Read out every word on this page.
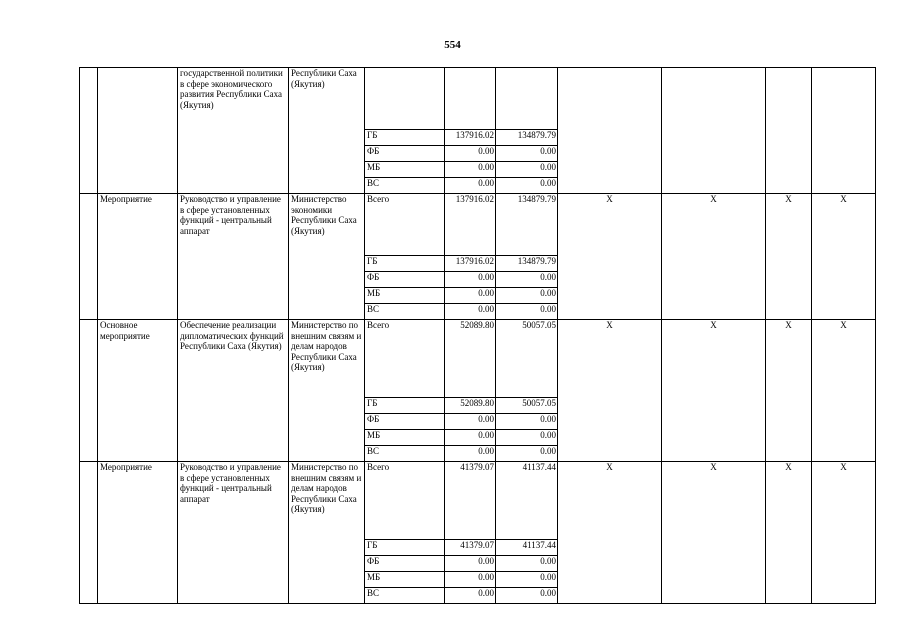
554
		государственной политики в сфере экономического развития Республики Саха (Якутия)	Республики Саха (Якутия)							
				ГБ	137916.02	134879.79				
				ФБ	0.00	0.00				
				МБ	0.00	0.00				
				ВС	0.00	0.00				
	Мероприятие	Руководство и управление в сфере установленных функций - центральный аппарат	Министерство экономики Республики Саха (Якутия)	Всего	137916.02	134879.79	Х	Х	Х	Х
				ГБ	137916.02	134879.79				
				ФБ	0.00	0.00				
				МБ	0.00	0.00				
				ВС	0.00	0.00				
	Основное мероприятие	Обеспечение реализации дипломатических функций Республики Саха (Якутия)	Министерство по внешним связям и делам народов Республики Саха (Якутия)	Всего	52089.80	50057.05	Х	Х	Х	Х
				ГБ	52089.80	50057.05				
				ФБ	0.00	0.00				
				МБ	0.00	0.00				
				ВС	0.00	0.00				
	Мероприятие	Руководство и управление в сфере установленных функций - центральный аппарат	Министерство по внешним связям и делам народов Республики Саха (Якутия)	Всего	41379.07	41137.44	Х	Х	Х	Х
				ГБ	41379.07	41137.44				
				ФБ	0.00	0.00				
				МБ	0.00	0.00				
				ВС	0.00	0.00				
